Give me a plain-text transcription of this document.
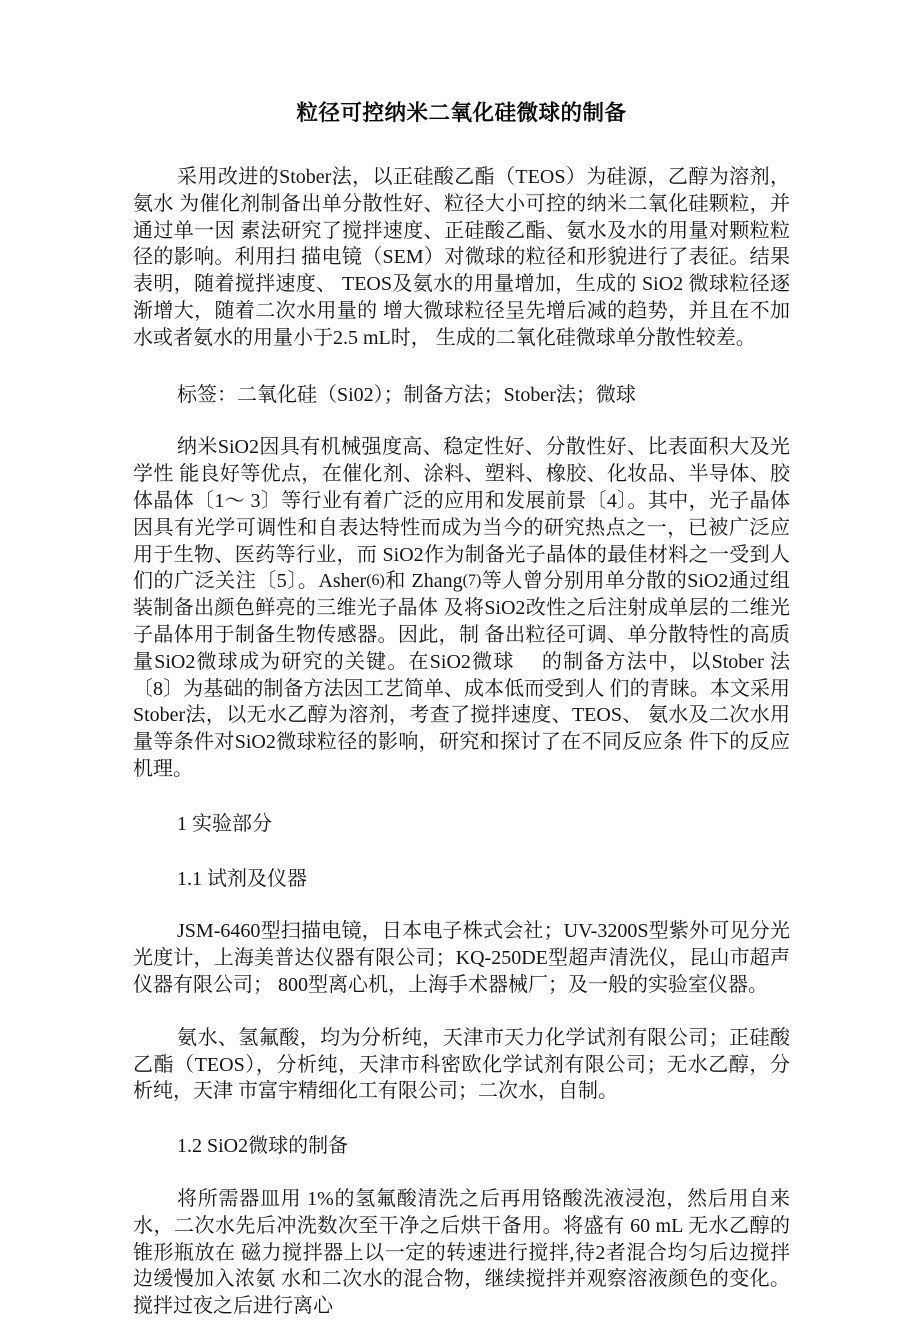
粒径可控纳米二氧化硅微球的制备

采用改进的Stober法，以正硅酸乙酯（TEOS）为硅源，乙醇为溶剂，氨水 为催化剂制备出单分散性好、粒径大小可控的纳米二氧化硅颗粒，并通过单一因 素法研究了搅拌速度、正硅酸乙酯、氨水及水的用量对颗粒粒径的影响。利用扫 描电镜（SEM）对微球的粒径和形貌进行了表征。结果表明，随着搅拌速度、 TEOS及氨水的用量增加，生成的 SiO2 微球粒径逐渐增大，随着二次水用量的 增大微球粒径呈先增后减的趋势，并且在不加水或者氨水的用量小于2.5 mL时， 生成的二氧化硅微球单分散性较差。

标签：二氧化硅（Si02）；制备方法；Stober法；微球

纳米SiO2因具有机械强度高、稳定性好、分散性好、比表面积大及光学性 能良好等优点，在催化剂、涂料、塑料、橡胶、化妆品、半导体、胶体晶体〔1～ 3〕等行业有着广泛的应用和发展前景〔4〕。其中，光子晶体因具有光学可调性和自表达特性而成为当今的研究热点之一，已被广泛应用于生物、医药等行业，而 SiO2作为制备光子晶体的最佳材料之一受到人们的广泛关注〔5〕。Asher(6)和 Zhang(7)等人曾分别用单分散的SiO2通过组装制备出颜色鲜亮的三维光子晶体 及将SiO2改性之后注射成单层的二维光子晶体用于制备生物传感器。因此，制 备出粒径可调、单分散特性的高质量SiO2微球成为研究的关键。在SiO2微球 　的制备方法中，以Stober 法〔8〕为基础的制备方法因工艺简单、成本低而受到人 们的青睐。本文采用Stober法，以无水乙醇为溶剂，考查了搅拌速度、TEOS、 氨水及二次水用量等条件对SiO2微球粒径的影响，研究和探讨了在不同反应条 件下的反应机理。

1 实验部分

1.1 试剂及仪器

JSM-6460型扫描电镜，日本电子株式会社；UV-3200S型紫外可见分光光度计，上海美普达仪器有限公司；KQ-250DE型超声清洗仪，昆山市超声仪器有限公司； 800型离心机，上海手术器械厂；及一般的实验室仪器。

氨水、氢氟酸，均为分析纯，天津市天力化学试剂有限公司；正硅酸乙酯（TEOS），分析纯，天津市科密欧化学试剂有限公司；无水乙醇，分析纯，天津 市富宇精细化工有限公司；二次水，自制。

1.2 SiO2微球的制备

将所需器皿用 1%的氢氟酸清洗之后再用铬酸洗液浸泡，然后用自来水，二次水先后冲洗数次至干净之后烘干备用。将盛有 60 mL 无水乙醇的锥形瓶放在 磁力搅拌器上以一定的转速进行搅拌,待2者混合均匀后边搅拌边缓慢加入浓氨 水和二次水的混合物，继续搅拌并观察溶液颜色的变化。搅拌过夜之后进行离心
